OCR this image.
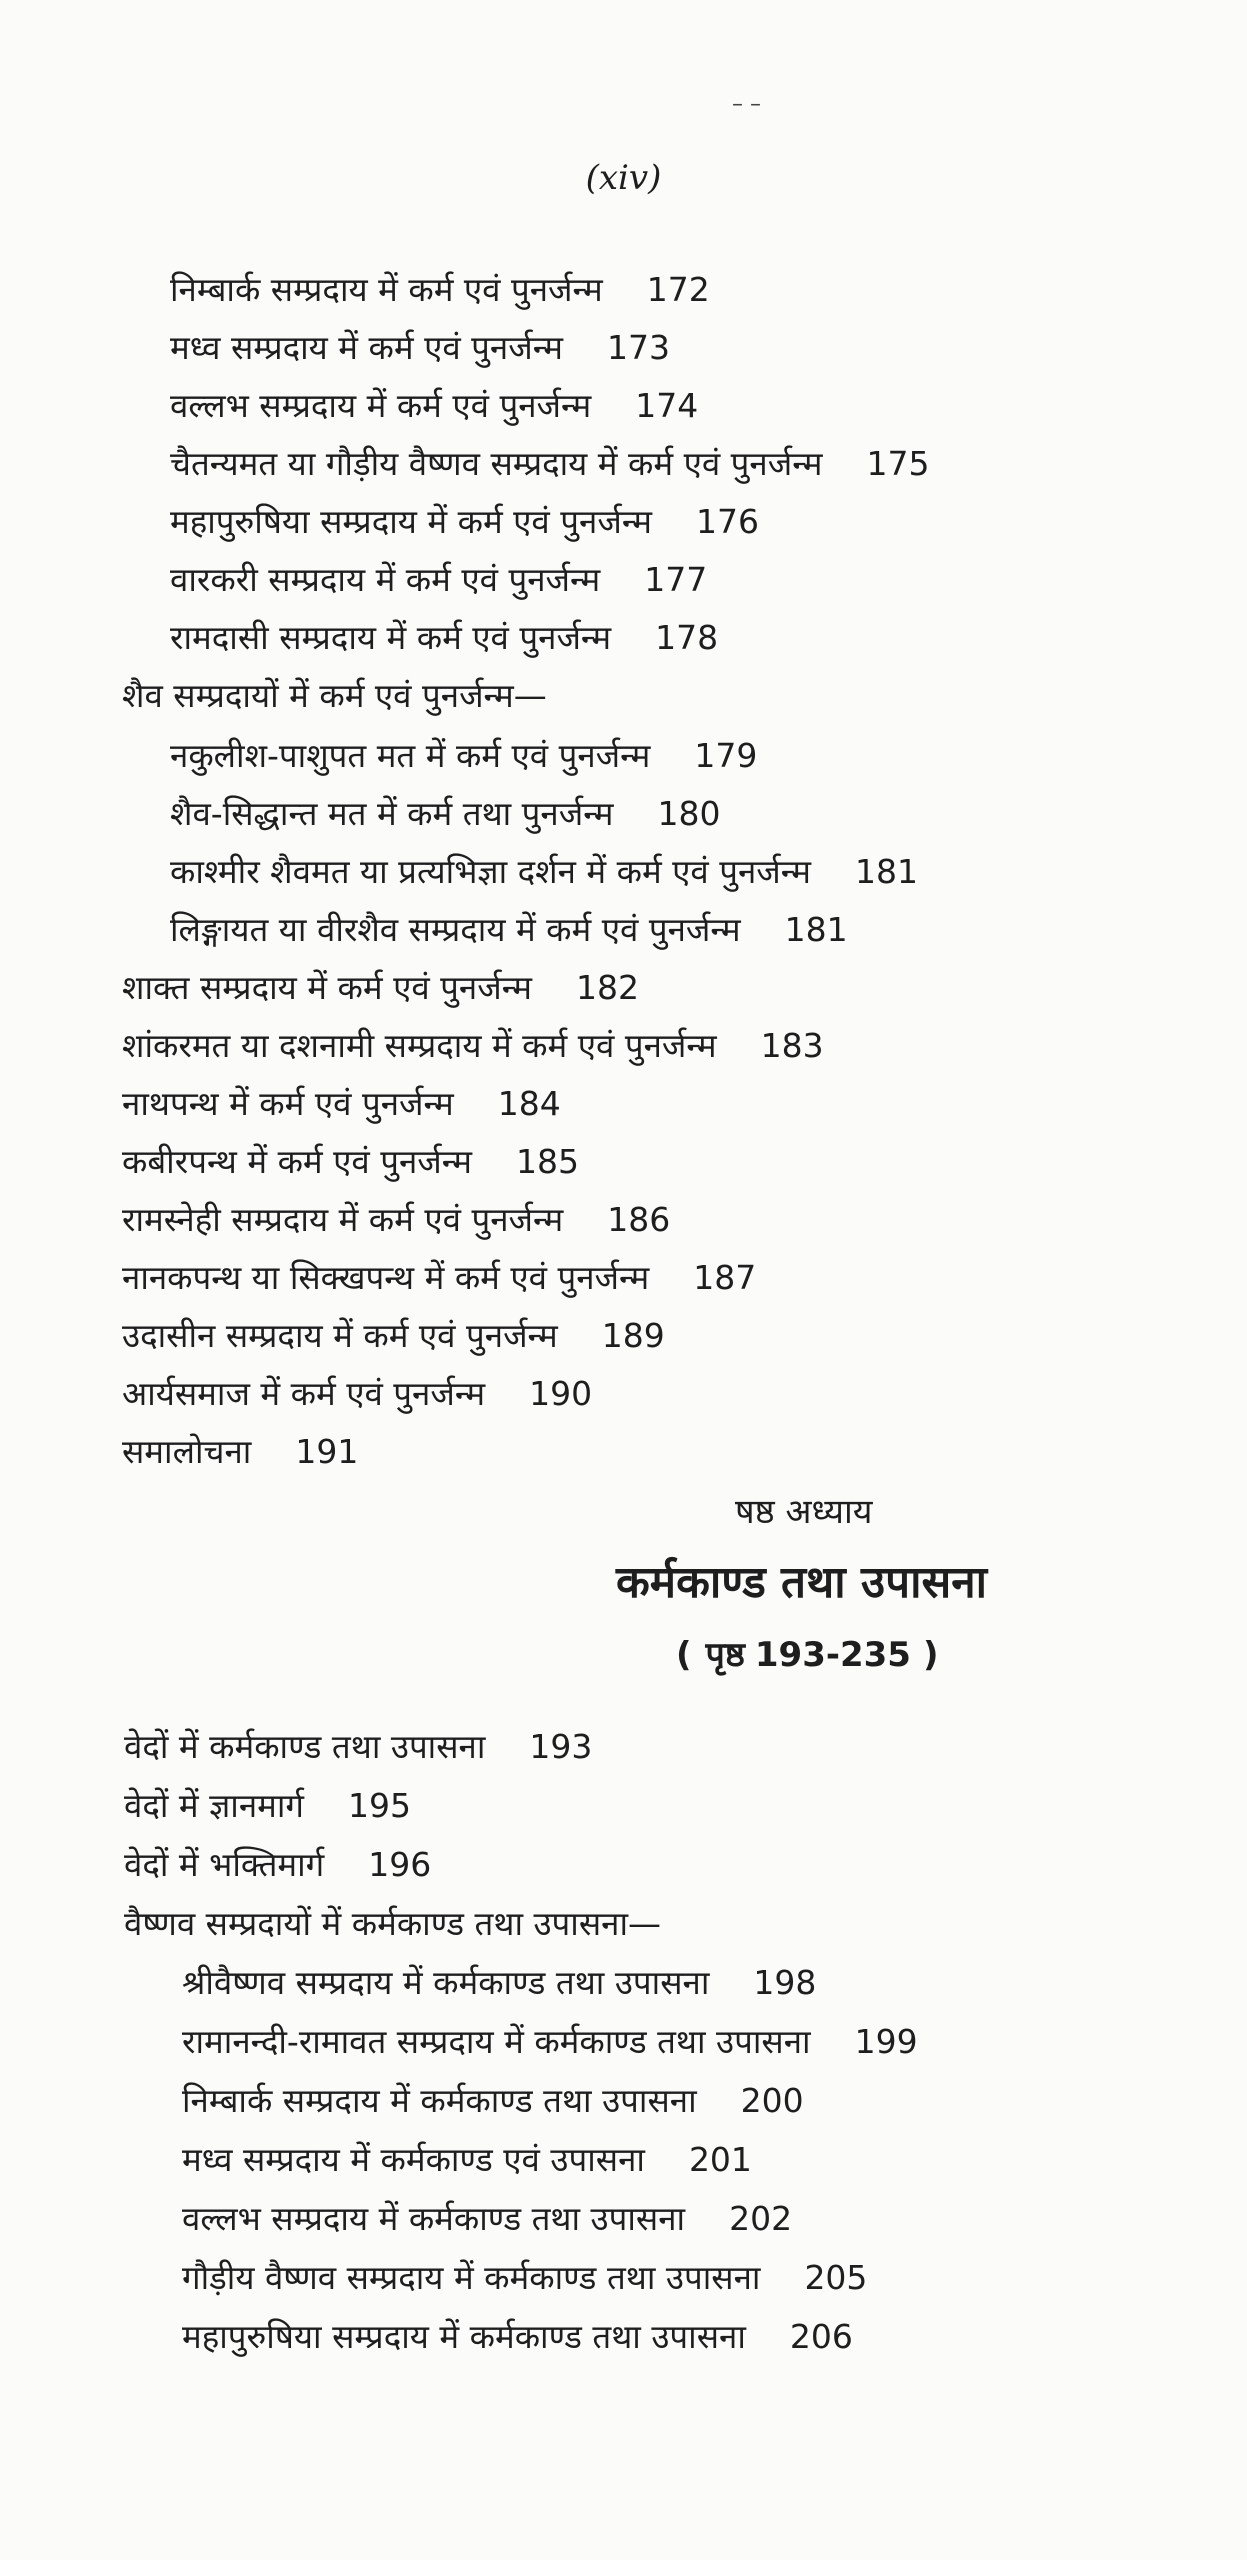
– –
(xiv)
निम्बार्क सम्प्रदाय में कर्म एवं पुनर्जन्म 172
मध्व सम्प्रदाय में कर्म एवं पुनर्जन्म 173
वल्लभ सम्प्रदाय में कर्म एवं पुनर्जन्म 174
चैतन्यमत या गौड़ीय वैष्णव सम्प्रदाय में कर्म एवं पुनर्जन्म 175
महापुरुषिया सम्प्रदाय में कर्म एवं पुनर्जन्म 176
वारकरी सम्प्रदाय में कर्म एवं पुनर्जन्म 177
रामदासी सम्प्रदाय में कर्म एवं पुनर्जन्म 178
शैव सम्प्रदायों में कर्म एवं पुनर्जन्म—
नकुलीश-पाशुपत मत में कर्म एवं पुनर्जन्म 179
शैव-सिद्धान्त मत में कर्म तथा पुनर्जन्म 180
काश्मीर शैवमत या प्रत्यभिज्ञा दर्शन में कर्म एवं पुनर्जन्म 181
लिङ्गायत या वीरशैव सम्प्रदाय में कर्म एवं पुनर्जन्म 181
शाक्त सम्प्रदाय में कर्म एवं पुनर्जन्म 182
शांकरमत या दशनामी सम्प्रदाय में कर्म एवं पुनर्जन्म 183
नाथपन्थ में कर्म एवं पुनर्जन्म 184
कबीरपन्थ में कर्म एवं पुनर्जन्म 185
रामस्नेही सम्प्रदाय में कर्म एवं पुनर्जन्म 186
नानकपन्थ या सिक्खपन्थ में कर्म एवं पुनर्जन्म 187
उदासीन सम्प्रदाय में कर्म एवं पुनर्जन्म 189
आर्यसमाज में कर्म एवं पुनर्जन्म 190
समालोचना 191
षष्ठ अध्याय
कर्मकाण्ड तथा उपासना
( पृष्ठ 193-235 )
वेदों में कर्मकाण्ड तथा उपासना 193
वेदों में ज्ञानमार्ग 195
वेदों में भक्तिमार्ग 196
वैष्णव सम्प्रदायों में कर्मकाण्ड तथा उपासना—
श्रीवैष्णव सम्प्रदाय में कर्मकाण्ड तथा उपासना 198
रामानन्दी-रामावत सम्प्रदाय में कर्मकाण्ड तथा उपासना 199
निम्बार्क सम्प्रदाय में कर्मकाण्ड तथा उपासना 200
मध्व सम्प्रदाय में कर्मकाण्ड एवं उपासना 201
वल्लभ सम्प्रदाय में कर्मकाण्ड तथा उपासना 202
गौड़ीय वैष्णव सम्प्रदाय में कर्मकाण्ड तथा उपासना 205
महापुरुषिया सम्प्रदाय में कर्मकाण्ड तथा उपासना 206
